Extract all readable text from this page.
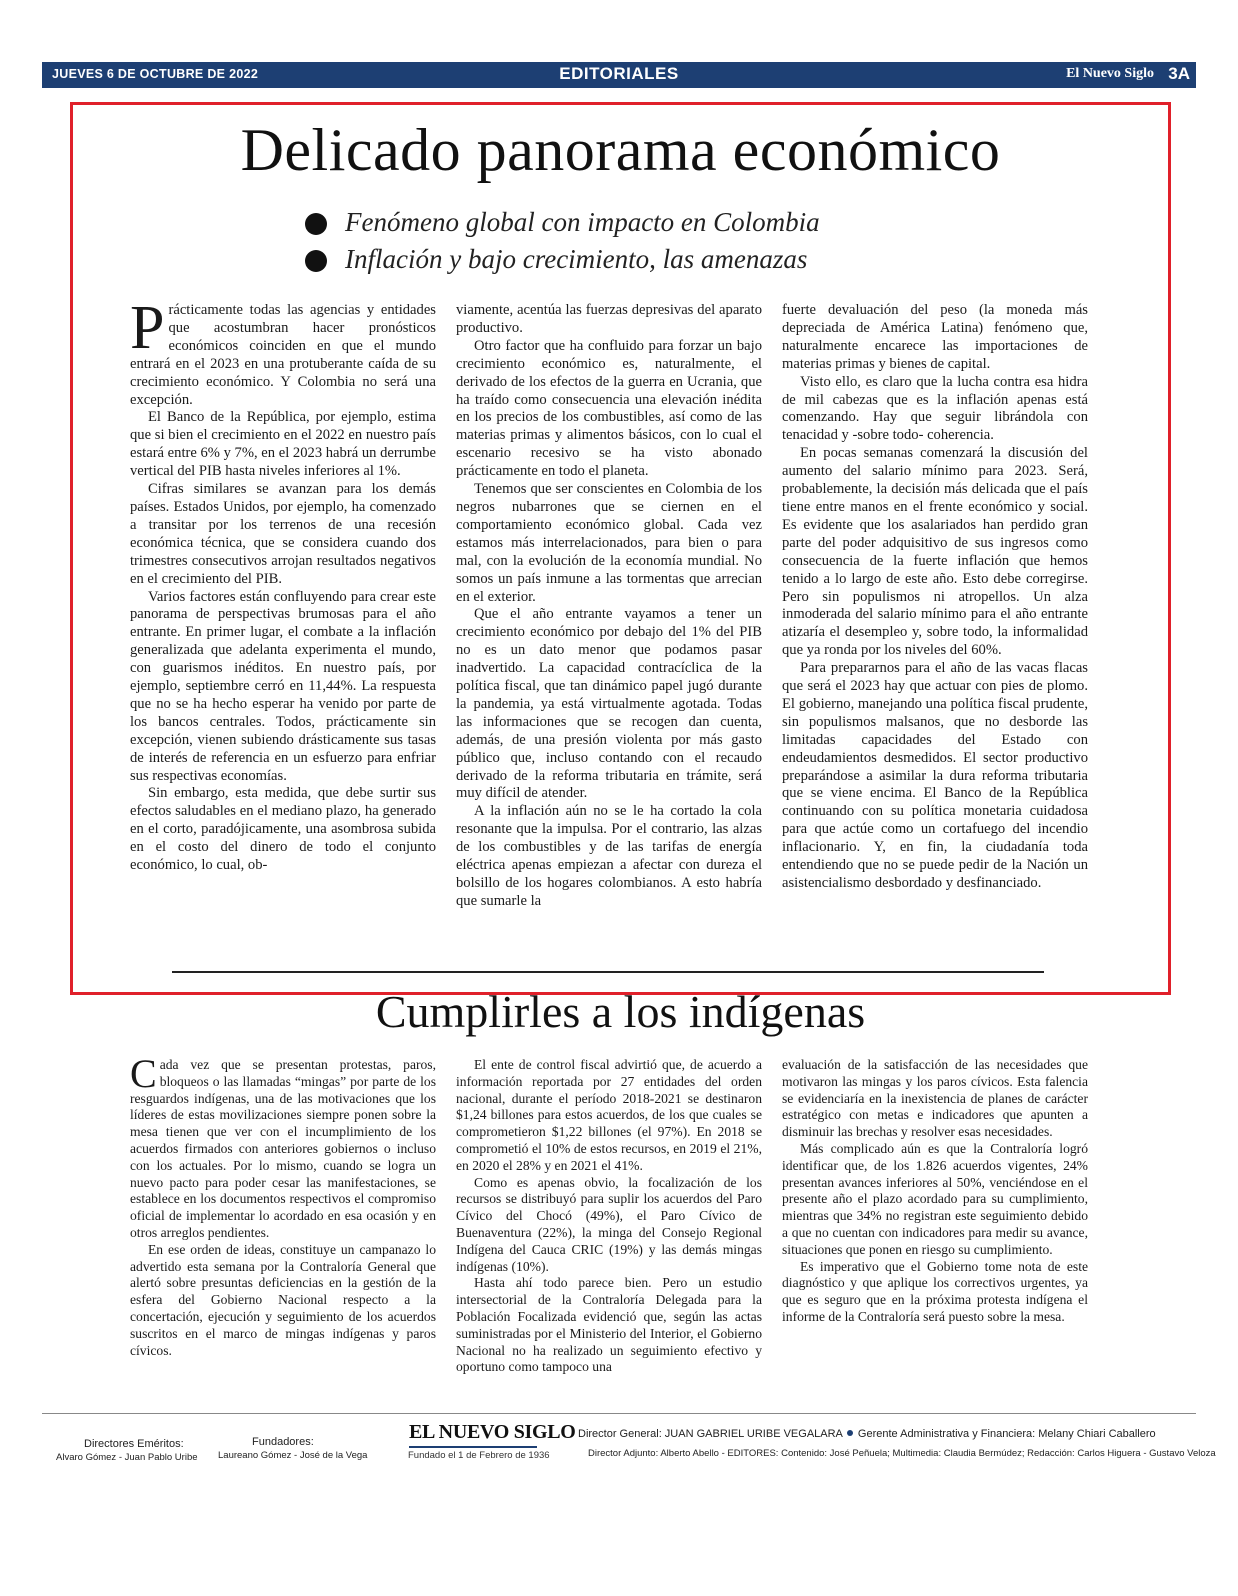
JUEVES 6 DE OCTUBRE DE 2022	EDITORIALES	El Nuevo Siglo 3A
Delicado panorama económico
Fenómeno global con impacto en Colombia
Inflación y bajo crecimiento, las amenazas

Prácticamente todas las agencias y entidades que acostumbran hacer pronósticos económicos coinciden en que el mundo entrará en el 2023 en una protuberante caída de su crecimiento económico. Y Colombia no será una excepción.

El Banco de la República, por ejemplo, estima que si bien el crecimiento en el 2022 en nuestro país estará entre 6% y 7%, en el 2023 habrá un derrumbe vertical del PIB hasta niveles inferiores al 1%.

Cifras similares se avanzan para los demás países. Estados Unidos, por ejemplo, ha comenzado a transitar por los terrenos de una recesión económica técnica, que se considera cuando dos trimestres consecutivos arrojan resultados negativos en el crecimiento del PIB.

Varios factores están confluyendo para crear este panorama de perspectivas brumosas para el año entrante. En primer lugar, el combate a la inflación generalizada que adelanta experimenta el mundo, con guarismos inéditos. En nuestro país, por ejemplo, septiembre cerró en 11,44%. La respuesta que no se ha hecho esperar ha venido por parte de los bancos centrales. Todos, prácticamente sin excepción, vienen subiendo drásticamente sus tasas de interés de referencia en un esfuerzo para enfriar sus respectivas economías.

Sin embargo, esta medida, que debe surtir sus efectos saludables en el mediano plazo, ha generado en el corto, paradójicamente, una asombrosa subida en el costo del dinero de todo el conjunto económico, lo cual, ob-

viamente, acentúa las fuerzas depresivas del aparato productivo.

Otro factor que ha confluido para forzar un bajo crecimiento económico es, naturalmente, el derivado de los efectos de la guerra en Ucrania, que ha traído como consecuencia una elevación inédita en los precios de los combustibles, así como de las materias primas y alimentos básicos, con lo cual el escenario recesivo se ha visto abonado prácticamente en todo el planeta.

Tenemos que ser conscientes en Colombia de los negros nubarrones que se ciernen en el comportamiento económico global. Cada vez estamos más interrelacionados, para bien o para mal, con la evolución de la economía mundial. No somos un país inmune a las tormentas que arrecian en el exterior.

Que el año entrante vayamos a tener un crecimiento económico por debajo del 1% del PIB no es un dato menor que podamos pasar inadvertido. La capacidad contracíclica de la política fiscal, que tan dinámico papel jugó durante la pandemia, ya está virtualmente agotada. Todas las informaciones que se recogen dan cuenta, además, de una presión violenta por más gasto público que, incluso contando con el recaudo derivado de la reforma tributaria en trámite, será muy difícil de atender.

A la inflación aún no se le ha cortado la cola resonante que la impulsa. Por el contrario, las alzas de los combustibles y de las tarifas de energía eléctrica apenas empiezan a afectar con dureza el bolsillo de los hogares colombianos. A esto habría que sumarle la

fuerte devaluación del peso (la moneda más depreciada de América Latina) fenómeno que, naturalmente encarece las importaciones de materias primas y bienes de capital.

Visto ello, es claro que la lucha contra esa hidra de mil cabezas que es la inflación apenas está comenzando. Hay que seguir librándola con tenacidad y -sobre todo- coherencia.

En pocas semanas comenzará la discusión del aumento del salario mínimo para 2023. Será, probablemente, la decisión más delicada que el país tiene entre manos en el frente económico y social. Es evidente que los asalariados han perdido gran parte del poder adquisitivo de sus ingresos como consecuencia de la fuerte inflación que hemos tenido a lo largo de este año. Esto debe corregirse. Pero sin populismos ni atropellos. Un alza inmoderada del salario mínimo para el año entrante atizaría el desempleo y, sobre todo, la informalidad que ya ronda por los niveles del 60%.

Para prepararnos para el año de las vacas flacas que será el 2023 hay que actuar con pies de plomo. El gobierno, manejando una política fiscal prudente, sin populismos malsanos, que no desborde las limitadas capacidades del Estado con endeudamientos desmedidos. El sector productivo preparándose a asimilar la dura reforma tributaria que se viene encima. El Banco de la República continuando con su política monetaria cuidadosa para que actúe como un cortafuego del incendio inflacionario. Y, en fin, la ciudadanía toda entendiendo que no se puede pedir de la Nación un asistencialismo desbordado y desfinanciado.

Cumplirles a los indígenas

Cada vez que se presentan protestas, paros, bloqueos o las llamadas “mingas” por parte de los resguardos indígenas, una de las motivaciones que los líderes de estas movilizaciones siempre ponen sobre la mesa tienen que ver con el incumplimiento de los acuerdos firmados con anteriores gobiernos o incluso con los actuales. Por lo mismo, cuando se logra un nuevo pacto para poder cesar las manifestaciones, se establece en los documentos respectivos el compromiso oficial de implementar lo acordado en esa ocasión y en otros arreglos pendientes.

En ese orden de ideas, constituye un campanazo lo advertido esta semana por la Contraloría General que alertó sobre presuntas deficiencias en la gestión de la esfera del Gobierno Nacional respecto a la concertación, ejecución y seguimiento de los acuerdos suscritos en el marco de mingas indígenas y paros cívicos.

El ente de control fiscal advirtió que, de acuerdo a información reportada por 27 entidades del orden nacional, durante el período 2018-2021 se destinaron $1,24 billones para estos acuerdos, de los que cuales se comprometieron $1,22 billones (el 97%). En 2018 se comprometió el 10% de estos recursos, en 2019 el 21%, en 2020 el 28% y en 2021 el 41%.

Como es apenas obvio, la focalización de los recursos se distribuyó para suplir los acuerdos del Paro Cívico del Chocó (49%), el Paro Cívico de Buenaventura (22%), la minga del Consejo Regional Indígena del Cauca CRIC (19%) y las demás mingas indígenas (10%).

Hasta ahí todo parece bien. Pero un estudio intersectorial de la Contraloría Delegada para la Población Focalizada evidenció que, según las actas suministradas por el Ministerio del Interior, el Gobierno Nacional no ha realizado un seguimiento efectivo y oportuno como tampoco una

evaluación de la satisfacción de las necesidades que motivaron las mingas y los paros cívicos. Esta falencia se evidenciaría en la inexistencia de planes de carácter estratégico con metas e indicadores que apunten a disminuir las brechas y resolver esas necesidades.

Más complicado aún es que la Contraloría logró identificar que, de los 1.826 acuerdos vigentes, 24% presentan avances inferiores al 50%, venciéndose en el presente año el plazo acordado para su cumplimiento, mientras que 34% no registran este seguimiento debido a que no cuentan con indicadores para medir su avance, situaciones que ponen en riesgo su cumplimiento.

Es imperativo que el Gobierno tome nota de este diagnóstico y que aplique los correctivos urgentes, ya que es seguro que en la próxima protesta indígena el informe de la Contraloría será puesto sobre la mesa.

Directores Eméritos:
Alvaro Gómez - Juan Pablo Uribe
Fundadores:
Laureano Gómez - José de la Vega
EL NUEVO SIGLO
Fundado el 1 de Febrero de 1936
Director General: JUAN GABRIEL URIBE VEGALARA Gerente Administrativa y Financiera: Melany Chiari Caballero
Director Adjunto: Alberto Abello - EDITORES: Contenido: José Peñuela; Multimedia: Claudia Bermúdez; Redacción: Carlos Higuera - Gustavo Veloza
